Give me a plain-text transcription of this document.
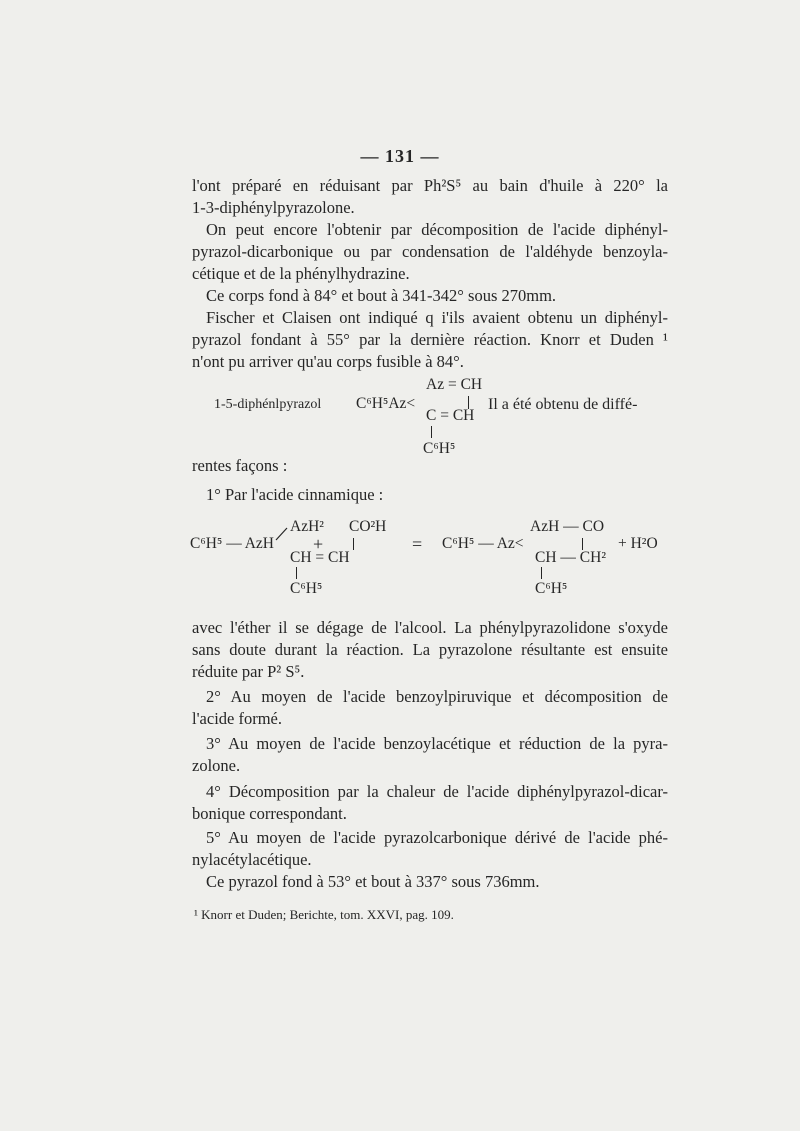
— 131 —
l'ont préparé en réduisant par Ph²S⁵ au bain d'huile à 220° la
1-3-diphénylpyrazolone.
On peut encore l'obtenir par décomposition de l'acide diphényl-
pyrazol-dicarbonique ou par condensation de l'aldéhyde benzoyla-
cétique et de la phénylhydrazine.
Ce corps fond à 84° et bout à 341-342° sous 270mm.
Fischer et Claisen ont indiqué q i'ils avaient obtenu un diphényl-
pyrazol fondant à 55° par la dernière réaction. Knorr et Duden ¹
n'ont pu arriver qu'au corps fusible à 84°.
Az = CH
1-5-diphénlpyrazol C⁶H⁵Az<	Il a été obtenu de diffé-
C = CH
C⁶H⁵
rentes façons :
1° Par l'acide cinnamique :
AzH² CO²H
C⁶H⁵ — AzH +
CH = CH
C⁶H⁵
=
AzH — CO
C⁶H⁵ — Az<	+ H²O
CH — CH²
C⁶H⁵
avec l'éther il se dégage de l'alcool. La phénylpyrazolidone s'oxyde
sans doute durant la réaction. La pyrazolone résultante est ensuite
réduite par P² S⁵.
2° Au moyen de l'acide benzoylpiruvique et décomposition de
l'acide formé.
3° Au moyen de l'acide benzoylacétique et réduction de la pyra-
zolone.
4° Décomposition par la chaleur de l'acide diphénylpyrazol-dicar-
bonique correspondant.
5° Au moyen de l'acide pyrazolcarbonique dérivé de l'acide phé-
nylacétylacétique.
Ce pyrazol fond à 53° et bout à 337° sous 736mm.
¹ Knorr et Duden; Berichte, tom. XXVI, pag. 109.
